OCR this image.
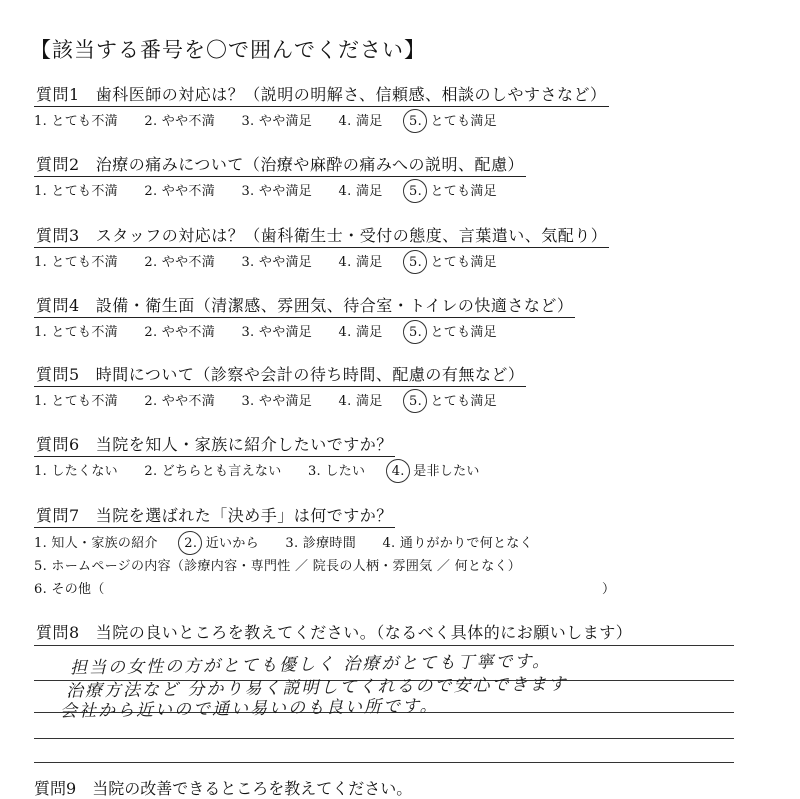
【該当する番号を〇で囲んでください】
質問1 歯科医師の対応は？（説明の明解さ、信頼感、相談のしやすさなど）
1. とても不満 2. やや不満 3. やや満足 4. 満足 5. とても満足
質問2 治療の痛みについて（治療や麻酔の痛みへの説明、配慮）
1. とても不満 2. やや不満 3. やや満足 4. 満足 5. とても満足
質問3 スタッフの対応は？（歯科衛生士・受付の態度、言葉遣い、気配り）
1. とても不満 2. やや不満 3. やや満足 4. 満足 5. とても満足
質問4 設備・衛生面（清潔感、雰囲気、待合室・トイレの快適さなど）
1. とても不満 2. やや不満 3. やや満足 4. 満足 5. とても満足
質問5 時間について（診察や会計の待ち時間、配慮の有無など）
1. とても不満 2. やや不満 3. やや満足 4. 満足 5. とても満足
質問6 当院を知人・家族に紹介したいですか？
1. したくない 2. どちらとも言えない 3. したい 4. 是非したい
質問7 当院を選ばれた「決め手」は何ですか？
1. 知人・家族の紹介 2. 近いから 3. 診療時間 4. 通りがかりで何となく
5. ホームページの内容（診療内容・専門性 ／ 院長の人柄・雰囲気 ／ 何となく）
6. その他（	）
質問8 当院の良いところを教えてください。（なるべく具体的にお願いします）
担当の女性の方がとても優しく 治療がとても丁寧です。
治療方法など 分かり易く説明してくれるので安心できます
会社から近いので通い易いのも良い所です。
質問9 当院の改善できるところを教えてください。
